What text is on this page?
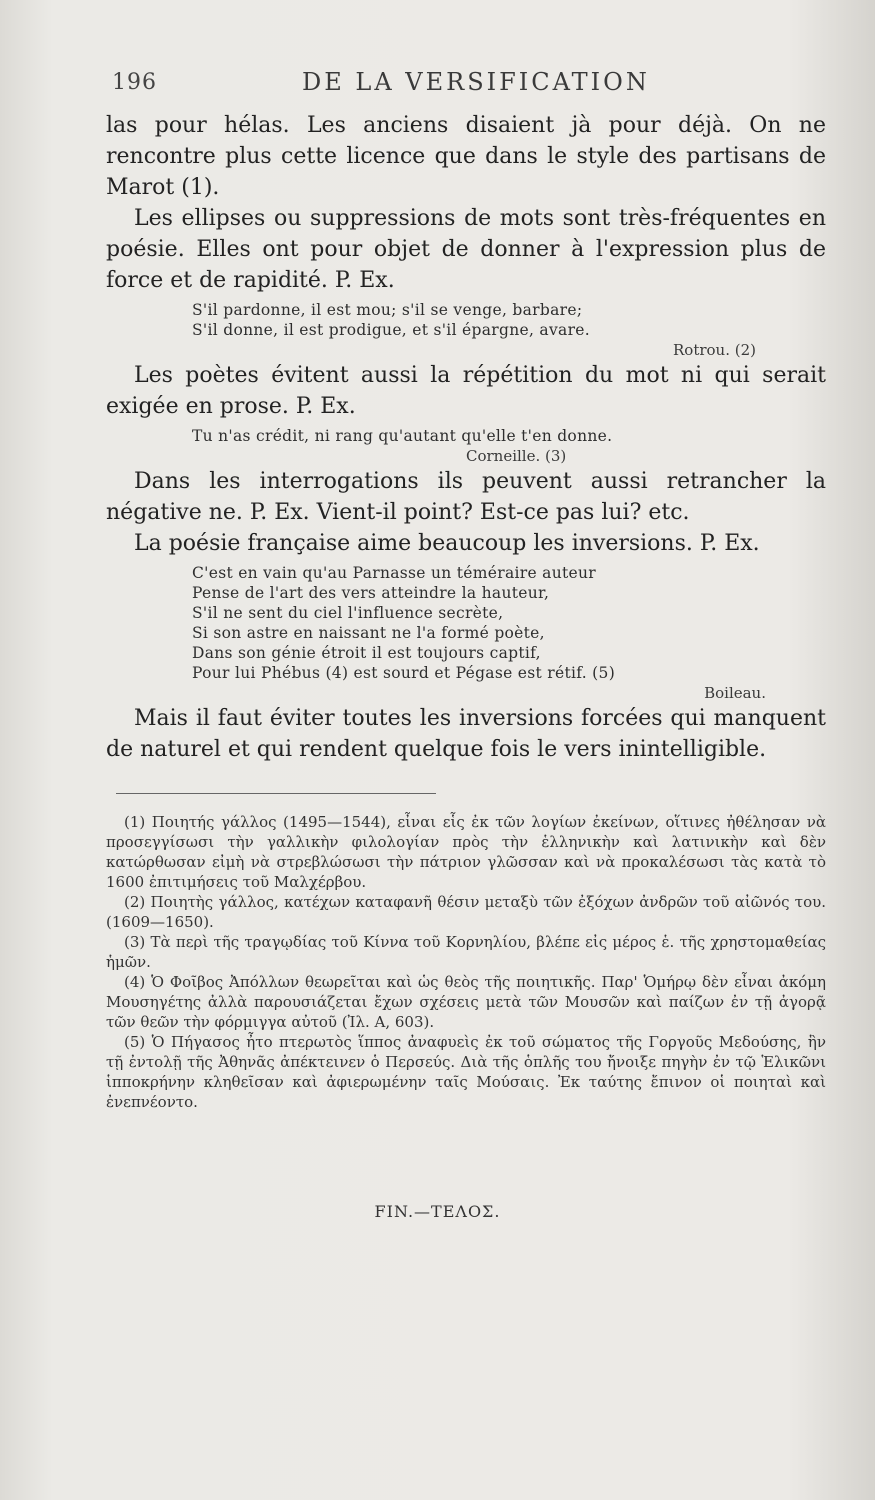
196	DE LA VERSIFICATION

las pour hélas. Les anciens disaient jà pour déjà. On ne rencontre plus cette licence que dans le style des partisans de Marot (1).

Les ellipses ou suppressions de mots sont très-fréquentes en poésie. Elles ont pour objet de donner à l'expression plus de force et de rapidité. P. Ex.

S'il pardonne, il est mou; s'il se venge, barbare;
S'il donne, il est prodigue, et s'il épargne, avare.
Rotrou. (2)

Les poètes évitent aussi la répétition du mot ni qui serait exigée en prose. P. Ex.

Tu n'as crédit, ni rang qu'autant qu'elle t'en donne.
Corneille. (3)

Dans les interrogations ils peuvent aussi retrancher la négative ne. P. Ex. Vient-il point? Est-ce pas lui? etc.

La poésie française aime beaucoup les inversions. P. Ex.

C'est en vain qu'au Parnasse un téméraire auteur
Pense de l'art des vers atteindre la hauteur,
S'il ne sent du ciel l'influence secrète,
Si son astre en naissant ne l'a formé poète,
Dans son génie étroit il est toujours captif,
Pour lui Phébus (4) est sourd et Pégase est rétif. (5)
Boileau.

Mais il faut éviter toutes les inversions forcées qui manquent de naturel et qui rendent quelque fois le vers inintelligible.

(1) Ποιητής γάλλος (1495—1544), εἶναι εἷς ἐκ τῶν λογίων ἐκείνων, οἵτινες ἠθέλησαν νὰ προσεγγίσωσι τὴν γαλλικὴν φιλολογίαν πρὸς τὴν ἑλληνικὴν καὶ λατινικὴν καὶ δὲν κατώρθωσαν εἰμὴ νὰ στρεβλώσωσι τὴν πάτριον γλῶσσαν καὶ νὰ προκαλέσωσι τὰς κατὰ τὸ 1600 ἐπιτιμήσεις τοῦ Μαλχέρβου.

(2) Ποιητὴς γάλλος, κατέχων καταφανῆ θέσιν μεταξὺ τῶν ἐξόχων ἀνδρῶν τοῦ αἰῶνός του. (1609—1650).

(3) Τὰ περὶ τῆς τραγῳδίας τοῦ Κίννα τοῦ Κορνηλίου, βλέπε εἰς μέρος ἑ. τῆς χρηστομαθείας ἡμῶν.

(4) Ὁ Φοῖβος Ἀπόλλων θεωρεῖται καὶ ὡς θεὸς τῆς ποιητικῆς. Παρ' Ὁμήρῳ δὲν εἶναι ἀκόμη Μουσηγέτης ἀλλὰ παρουσιάζεται ἔχων σχέσεις μετὰ τῶν Μουσῶν καὶ παίζων ἐν τῇ ἀγορᾷ τῶν θεῶν τὴν φόρμιγγα αὐτοῦ (Ἰλ. Α, 603).

(5) Ὁ Πήγασος ἦτο πτερωτὸς ἵππος ἀναφυεὶς ἐκ τοῦ σώματος τῆς Γοργοῦς Μεδούσης, ἣν τῇ ἐντολῇ τῆς Ἀθηνᾶς ἀπέκτεινεν ὁ Περσεύς. Διὰ τῆς ὁπλῆς του ἤνοιξε πηγὴν ἐν τῷ Ἑλικῶνι ἱπποκρήνην κληθεῖσαν καὶ ἀφιερωμένην ταῖς Μούσαις. Ἐκ ταύτης ἔπινον οἱ ποιηταὶ καὶ ἐνεπνέοντο.

FIN.—ΤΕΛΟΣ.
